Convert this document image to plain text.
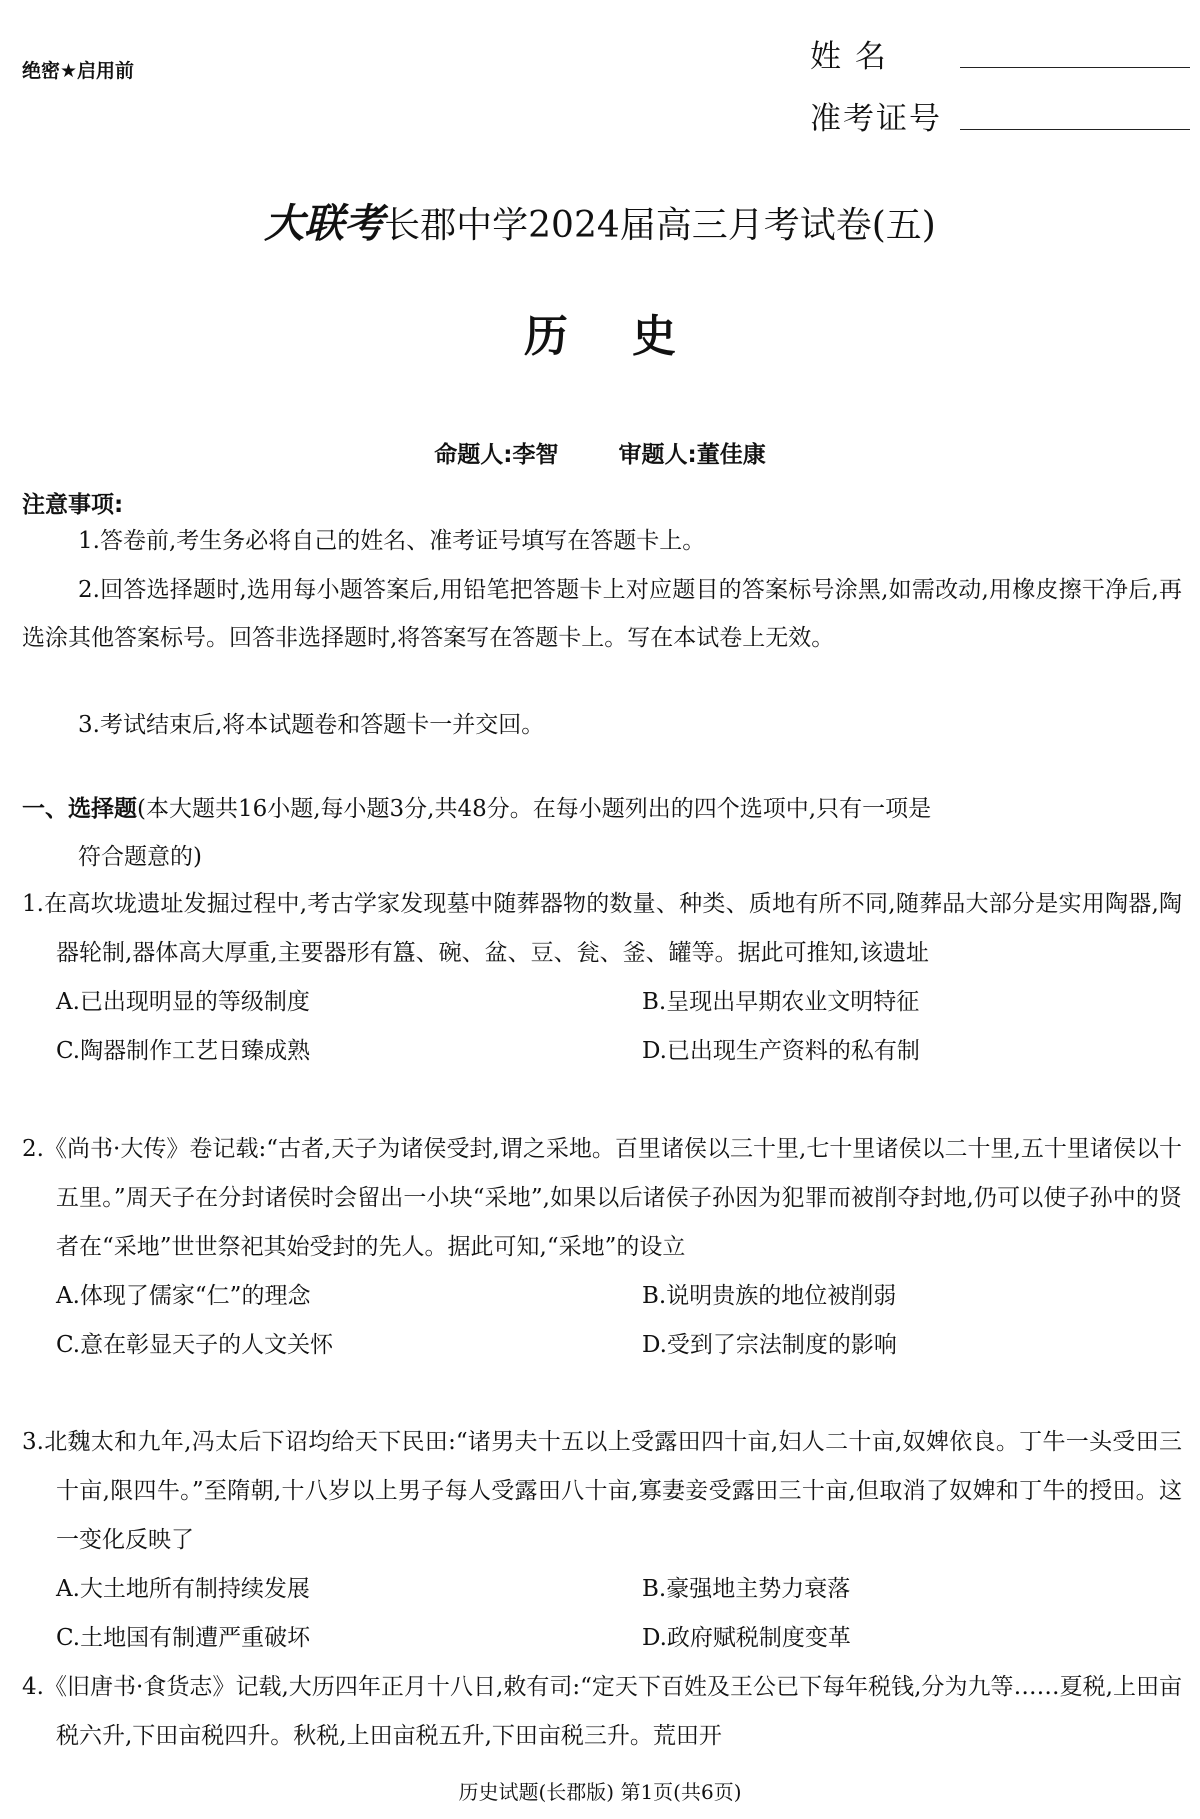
绝密★启用前	姓 名
准考证号
大联考长郡中学2024届高三月考试卷(五)
历史
命题人:李智	审题人:董佳康
注意事项:
1.答卷前,考生务必将自己的姓名、准考证号填写在答题卡上。
2.回答选择题时,选用每小题答案后,用铅笔把答题卡上对应题目的答案标号涂黑,如需改动,用橡皮擦干净后,再选涂其他答案标号。回答非选择题时,将答案写在答题卡上。写在本试卷上无效。
3.考试结束后,将本试题卷和答题卡一并交回。
一、选择题(本大题共16小题,每小题3分,共48分。在每小题列出的四个选项中,只有一项是
符合题意的)
1.在高坎垅遗址发掘过程中,考古学家发现墓中随葬器物的数量、种类、质地有所不同,随葬品大部分是实用陶器,陶器轮制,器体高大厚重,主要器形有簋、碗、盆、豆、瓮、釜、罐等。据此可推知,该遗址
A.已出现明显的等级制度	B.呈现出早期农业文明特征
C.陶器制作工艺日臻成熟	D.已出现生产资料的私有制
2.《尚书·大传》卷记载:“古者,天子为诸侯受封,谓之采地。百里诸侯以三十里,七十里诸侯以二十里,五十里诸侯以十五里。”周天子在分封诸侯时会留出一小块“采地”,如果以后诸侯子孙因为犯罪而被削夺封地,仍可以使子孙中的贤者在“采地”世世祭祀其始受封的先人。据此可知,“采地”的设立
A.体现了儒家“仁”的理念	B.说明贵族的地位被削弱
C.意在彰显天子的人文关怀	D.受到了宗法制度的影响
3.北魏太和九年,冯太后下诏均给天下民田:“诸男夫十五以上受露田四十亩,妇人二十亩,奴婢依良。丁牛一头受田三十亩,限四牛。”至隋朝,十八岁以上男子每人受露田八十亩,寡妻妾受露田三十亩,但取消了奴婢和丁牛的授田。这一变化反映了
A.大土地所有制持续发展	B.豪强地主势力衰落
C.土地国有制遭严重破坏	D.政府赋税制度变革
4.《旧唐书·食货志》记载,大历四年正月十八日,敕有司:“定天下百姓及王公已下每年税钱,分为九等……夏税,上田亩税六升,下田亩税四升。秋税,上田亩税五升,下田亩税三升。荒田开
历史试题(长郡版) 第1页(共6页)
